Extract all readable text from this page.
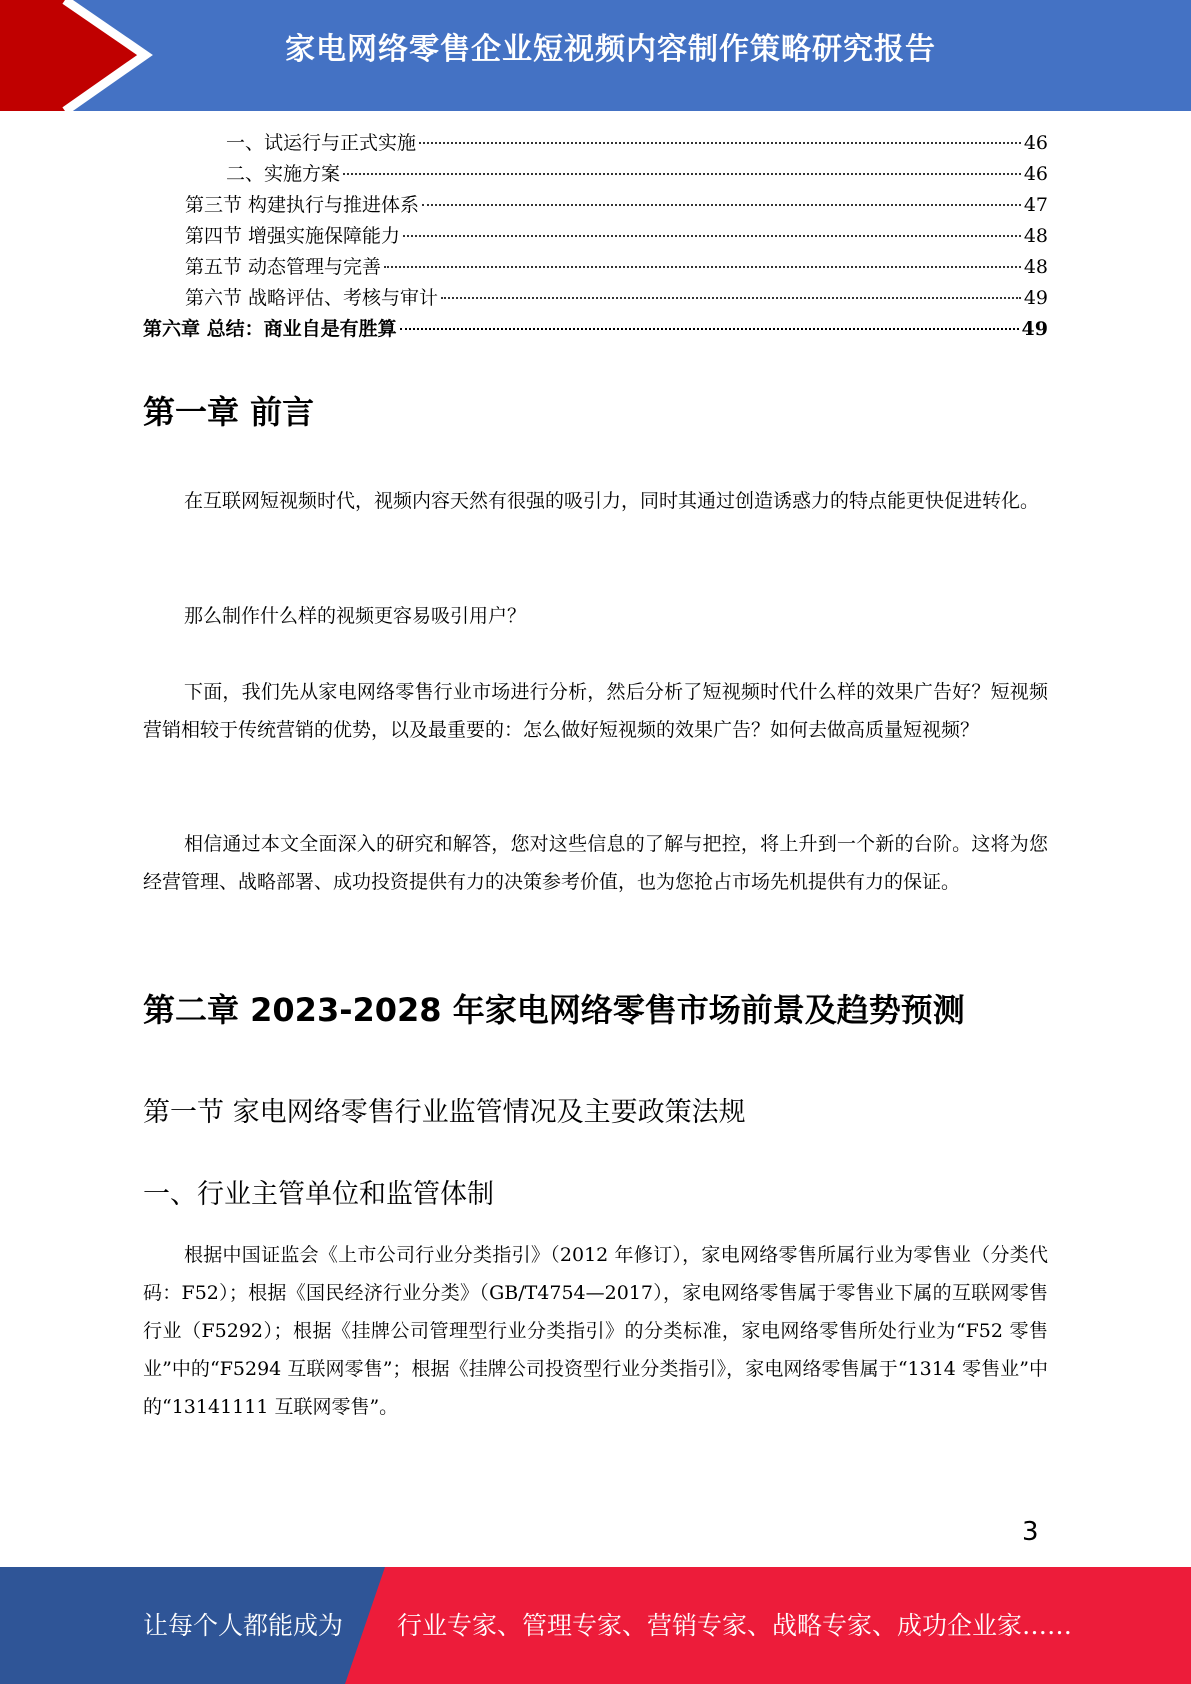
家电网络零售企业短视频内容制作策略研究报告
一、试运行与正式实施	46
二、实施方案	46
第三节 构建执行与推进体系	47
第四节 增强实施保障能力	48
第五节 动态管理与完善	48
第六节 战略评估、考核与审计	49
第六章 总结：商业自是有胜算	49
第一章 前言

在互联网短视频时代，视频内容天然有很强的吸引力，同时其通过创造诱惑力的特点能更快促进转化。

那么制作什么样的视频更容易吸引用户？

下面，我们先从家电网络零售行业市场进行分析，然后分析了短视频时代什么样的效果广告好？短视频营销相较于传统营销的优势，以及最重要的：怎么做好短视频的效果广告？如何去做高质量短视频？

相信通过本文全面深入的研究和解答，您对这些信息的了解与把控，将上升到一个新的台阶。这将为您经营管理、战略部署、成功投资提供有力的决策参考价值，也为您抢占市场先机提供有力的保证。

第二章 2023-2028 年家电网络零售市场前景及趋势预测
第一节 家电网络零售行业监管情况及主要政策法规
一、行业主管单位和监管体制

根据中国证监会《上市公司行业分类指引》（2012 年修订），家电网络零售所属行业为零售业（分类代码：F52）；根据《国民经济行业分类》（GB/T4754—2017），家电网络零售属于零售业下属的互联网零售行业（F5292）；根据《挂牌公司管理型行业分类指引》的分类标准，家电网络零售所处行业为“F52 零售业”中的“F5294 互联网零售”；根据《挂牌公司投资型行业分类指引》，家电网络零售属于“1314 零售业”中的“13141111 互联网零售”。

3
让每个人都能成为 行业专家、管理专家、营销专家、战略专家、成功企业家……
